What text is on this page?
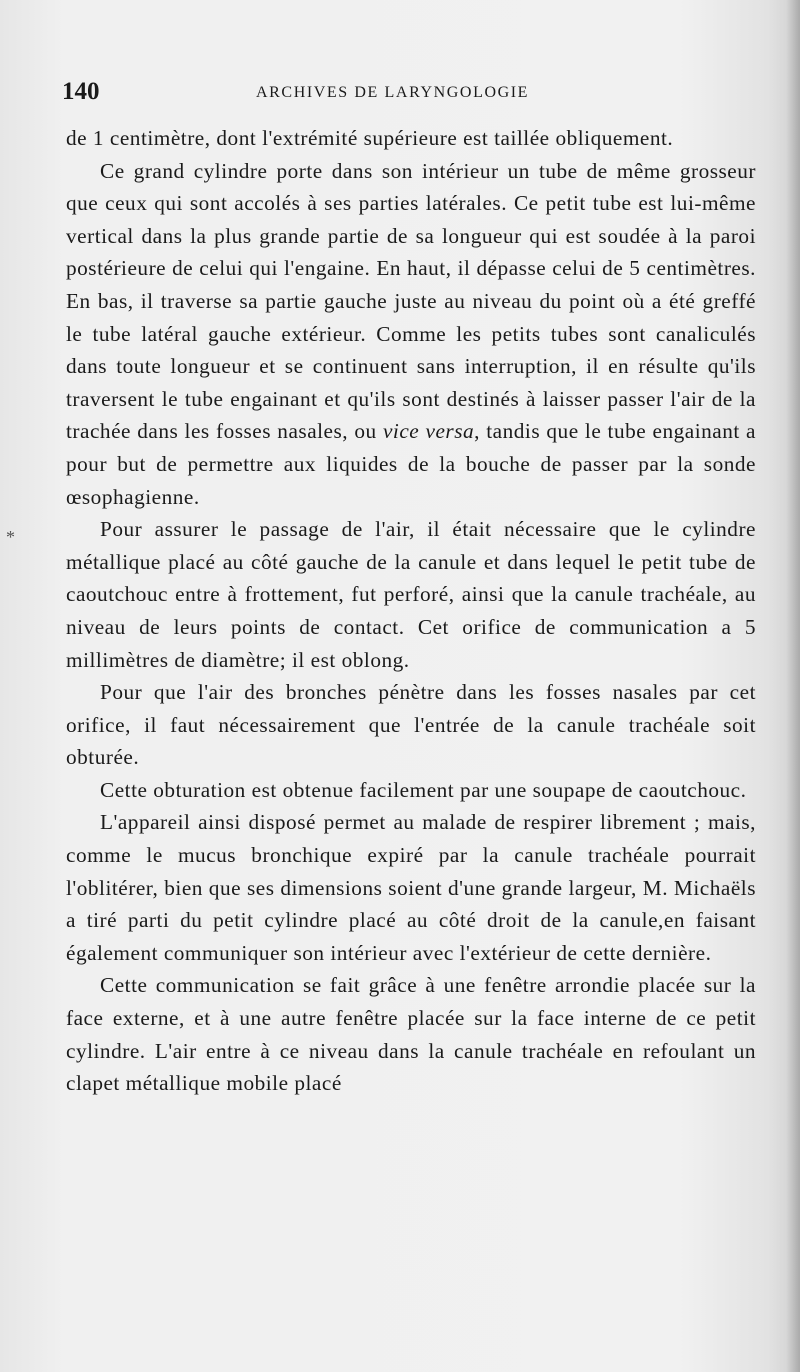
140	ARCHIVES DE LARYNGOLOGIE
*

de 1 centimètre, dont l'extrémité supérieure est taillée obliquement.

Ce grand cylindre porte dans son intérieur un tube de même grosseur que ceux qui sont accolés à ses parties latérales. Ce petit tube est lui-même vertical dans la plus grande partie de sa longueur qui est soudée à la paroi postérieure de celui qui l'engaine. En haut, il dépasse celui de 5 centimètres. En bas, il traverse sa partie gauche juste au niveau du point où a été greffé le tube latéral gauche extérieur. Comme les petits tubes sont canaliculés dans toute longueur et se continuent sans interruption, il en résulte qu'ils traversent le tube engainant et qu'ils sont destinés à laisser passer l'air de la trachée dans les fosses nasales, ou vice versa, tandis que le tube engainant a pour but de permettre aux liquides de la bouche de passer par la sonde œsophagienne.

Pour assurer le passage de l'air, il était nécessaire que le cylindre métallique placé au côté gauche de la canule et dans lequel le petit tube de caoutchouc entre à frottement, fut perforé, ainsi que la canule trachéale, au niveau de leurs points de contact. Cet orifice de communication a 5 millimètres de diamètre; il est oblong.

Pour que l'air des bronches pénètre dans les fosses nasales par cet orifice, il faut nécessairement que l'entrée de la canule trachéale soit obturée.

Cette obturation est obtenue facilement par une soupape de caoutchouc.

L'appareil ainsi disposé permet au malade de respirer librement ; mais, comme le mucus bronchique expiré par la canule trachéale pourrait l'oblitérer, bien que ses dimensions soient d'une grande largeur, M. Michaëls a tiré parti du petit cylindre placé au côté droit de la canule,en faisant également communiquer son intérieur avec l'extérieur de cette dernière.

Cette communication se fait grâce à une fenêtre arrondie placée sur la face externe, et à une autre fenêtre placée sur la face interne de ce petit cylindre. L'air entre à ce niveau dans la canule trachéale en refoulant un clapet métallique mobile placé
